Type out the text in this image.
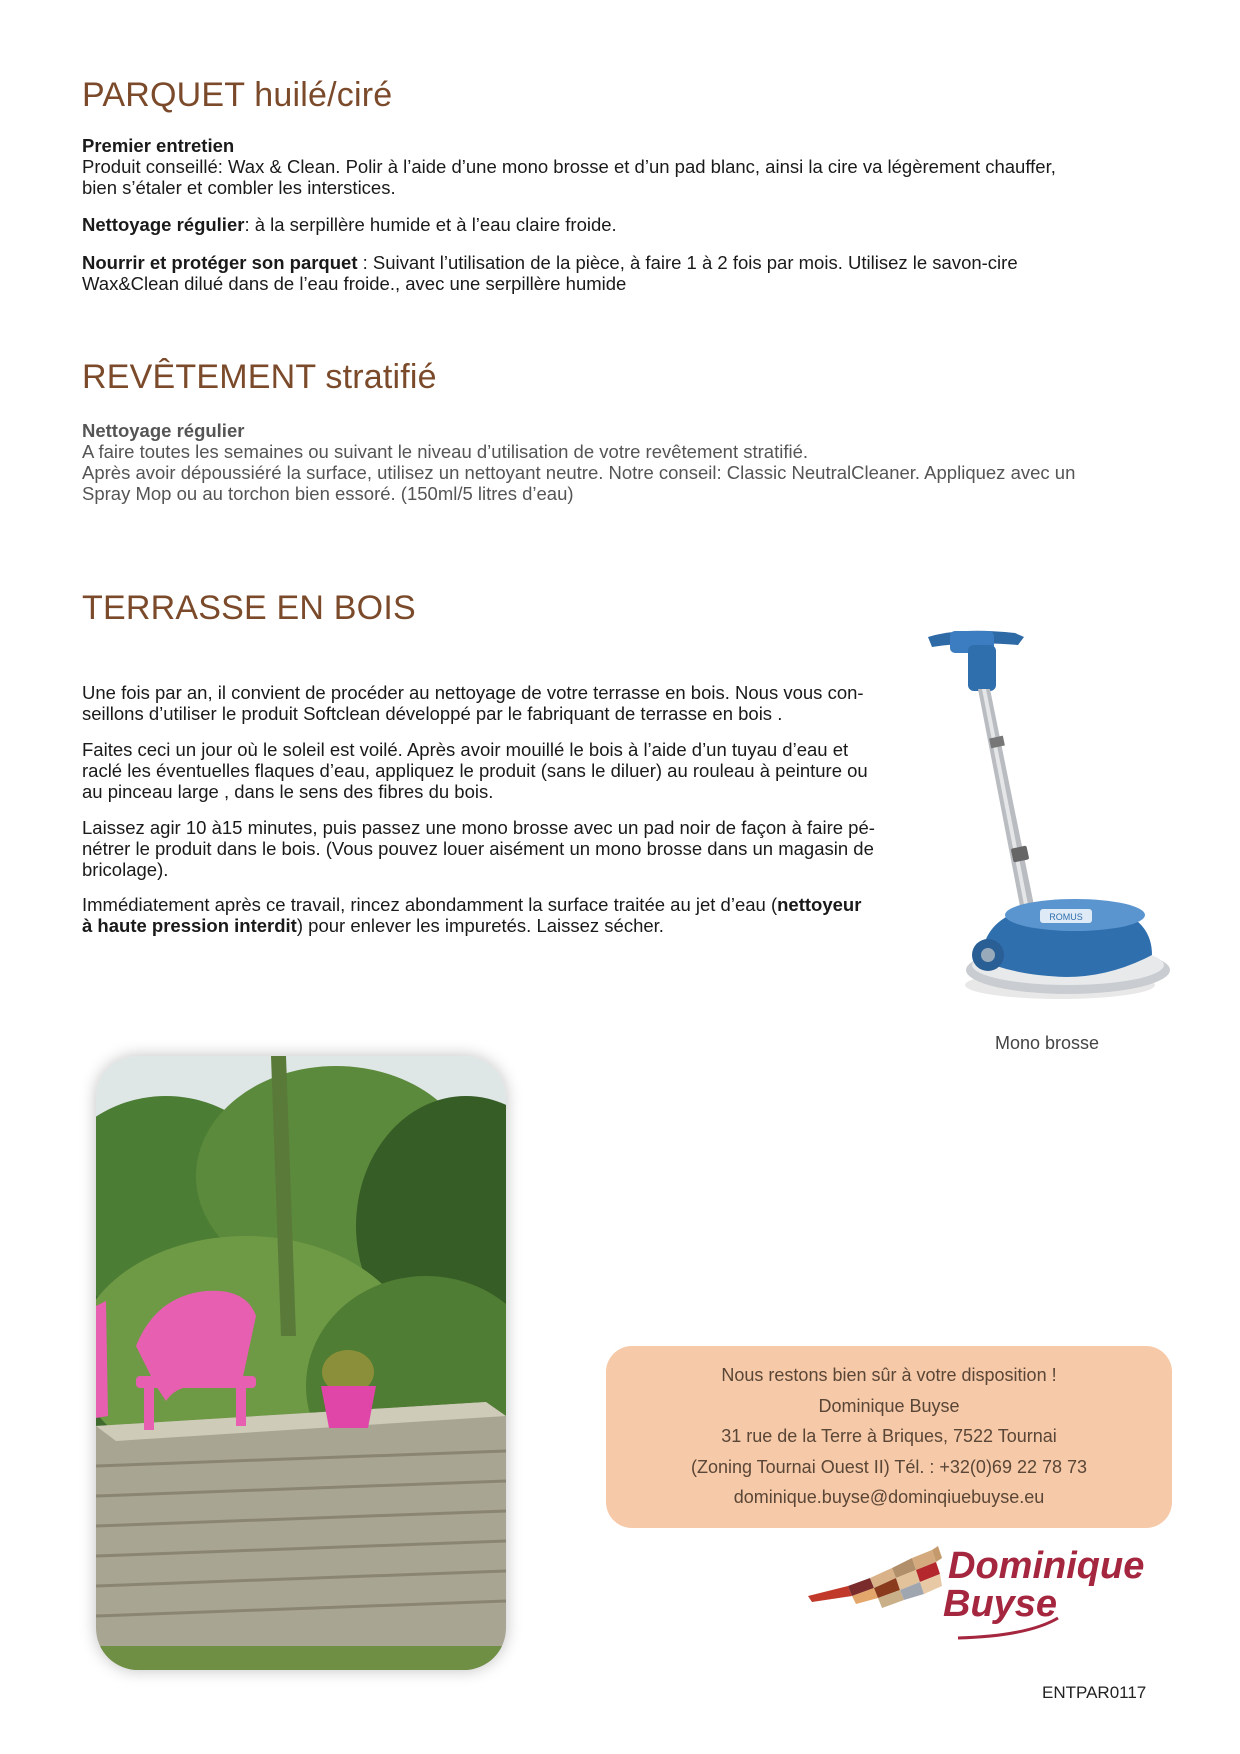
PARQUET huilé/ciré

Premier entretien

Produit conseillé: Wax & Clean. Polir à l’aide d’une mono brosse et d’un pad blanc, ainsi la cire va légèrement chauffer,
bien s’étaler et combler les interstices.

Nettoyage régulier: à la serpillère humide et à l’eau claire froide.

Nourrir et protéger son parquet : Suivant l’utilisation de la pièce, à faire 1 à 2 fois par mois. Utilisez le savon-cire
Wax&Clean dilué dans de l’eau froide., avec une serpillère humide

REVÊTEMENT stratifié

Nettoyage régulier

A faire toutes les semaines ou suivant le niveau d’utilisation de votre revêtement stratifié.
Après avoir dépoussiéré la surface, utilisez un nettoyant neutre. Notre conseil: Classic NeutralCleaner. Appliquez avec un
Spray Mop ou au torchon bien essoré. (150ml/5 litres d’eau)

TERRASSE EN BOIS

Une fois par an, il convient de procéder au nettoyage de votre terrasse en bois. Nous vous con-
seillons d’utiliser le produit Softclean développé par le fabriquant de terrasse en bois .

Faites ceci un jour où le soleil est voilé. Après avoir mouillé le bois à l’aide d’un tuyau d’eau et
raclé les éventuelles flaques d’eau, appliquez le produit (sans le diluer) au rouleau à peinture ou
au pinceau large , dans le sens des fibres du bois.

Laissez agir 10 à15 minutes, puis passez une mono brosse avec un pad noir de façon à faire pé-
nétrer le produit dans le bois. (Vous pouvez louer aisément un mono brosse dans un magasin de
bricolage).

Immédiatement après ce travail, rincez abondamment la surface traitée au jet d’eau (nettoyeur
à haute pression interdit) pour enlever les impuretés. Laissez sécher.	ROMUS
Mono brosse
Nous restons bien sûr à votre disposition !
Dominique Buyse
31 rue de la Terre à Briques, 7522 Tournai
(Zoning Tournai Ouest II) Tél. : +32(0)69 22 78 73
dominique.buyse@dominqiuebuyse.eu
Dominique
Buyse
ENTPAR0117
